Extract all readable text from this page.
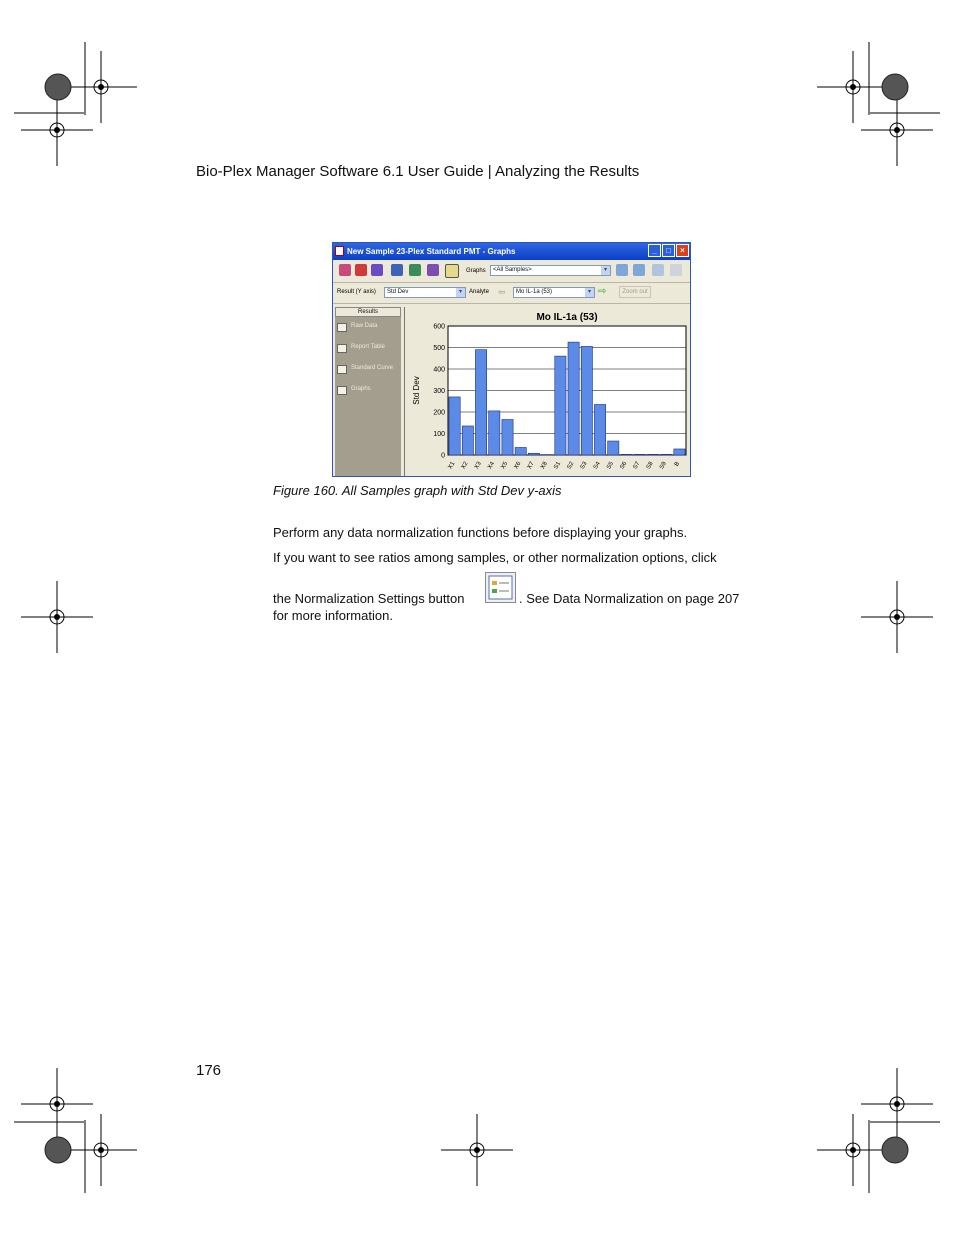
Bio-Plex Manager Software 6.1 User Guide | Analyzing the Results
New Sample 23-Plex Standard PMT - Graphs	_	□	×
Graphs	<All Samples>	▾
Result (Y axis)	Std Dev	▾	Analyte ⇦	Mo IL-1a (53)	▾ ⇨	Zoom out
Results
Raw Data
Report Table
Standard Curve
Graphs
0
100
200
300
400
500
600
X1 X2 X3 X4 X5 X6 X7 X8 S1 S2 S3 S4 S5 S6 S7 S8 S9 B
Mo IL-1a (53)
Std Dev
Figure 160. All Samples graph with Std Dev y-axis
Perform any data normalization functions before displaying your graphs.
If you want to see ratios among samples, or other normalization options, click
the Normalization Settings button	. See Data Normalization on page 207
for more information.
176
